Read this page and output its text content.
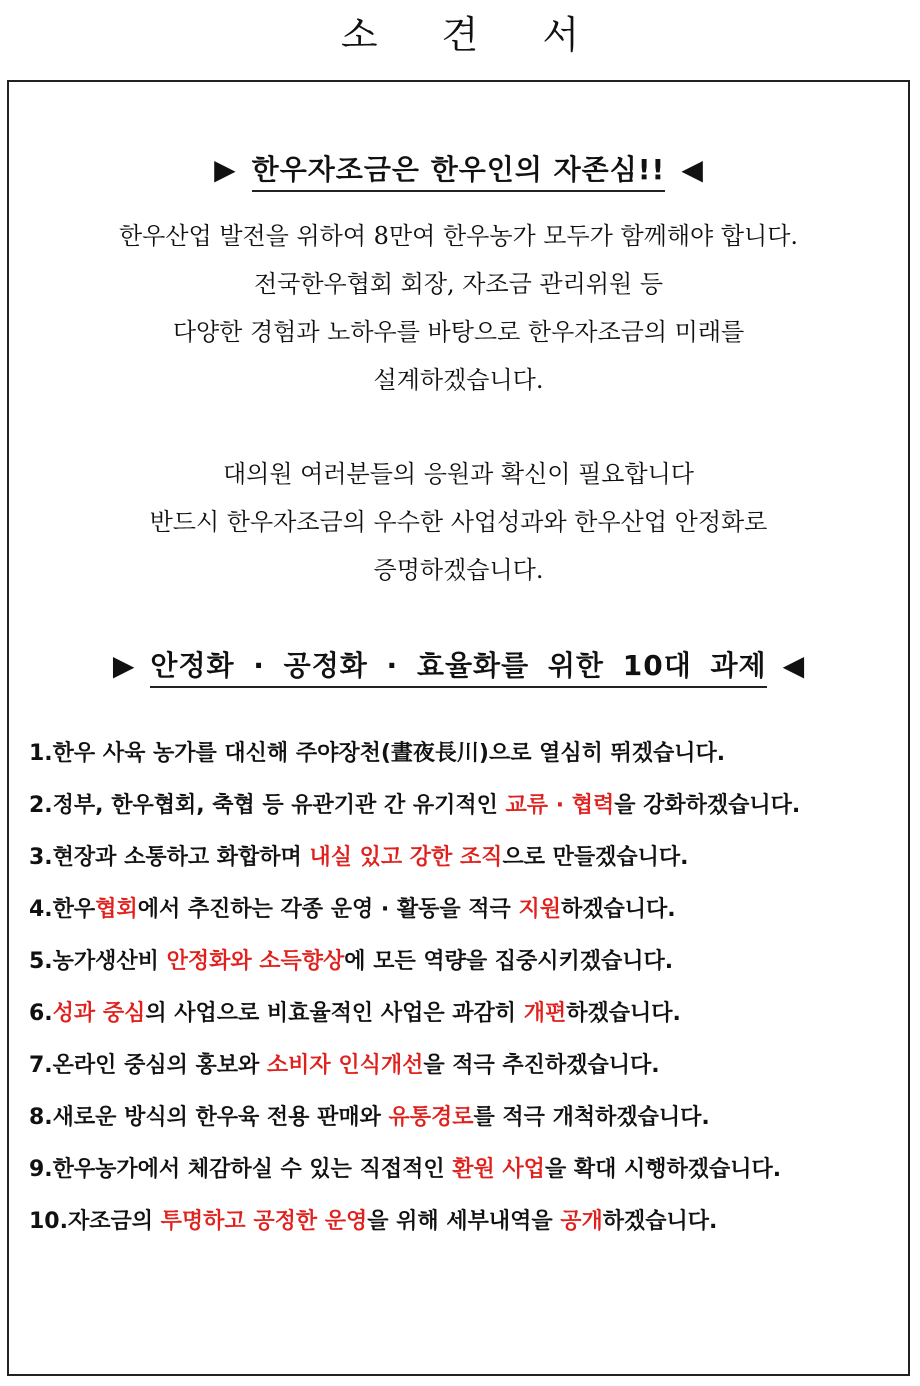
소 견 서
▶ 한우자조금은 한우인의 자존심!! ◀

한우산업 발전을 위하여 8만여 한우농가 모두가 함께해야 합니다.

전국한우협회 회장, 자조금 관리위원 등

다양한 경험과 노하우를 바탕으로 한우자조금의 미래를

설계하겠습니다.

대의원 여러분들의 응원과 확신이 필요합니다

반드시 한우자조금의 우수한 사업성과와 한우산업 안정화로

증명하겠습니다.

▶ 안정화 · 공정화 · 효율화를 위한 10대 과제 ◀
1.한우 사육 농가를 대신해 주야장천(晝夜長川)으로 열심히 뛰겠습니다.
2.정부, 한우협회, 축협 등 유관기관 간 유기적인 교류 · 협력을 강화하겠습니다.
3.현장과 소통하고 화합하며 내실 있고 강한 조직으로 만들겠습니다.
4.한우협회에서 추진하는 각종 운영 · 활동을 적극 지원하겠습니다.
5.농가생산비 안정화와 소득향상에 모든 역량을 집중시키겠습니다.
6.성과 중심의 사업으로 비효율적인 사업은 과감히 개편하겠습니다.
7.온라인 중심의 홍보와 소비자 인식개선을 적극 추진하겠습니다.
8.새로운 방식의 한우육 전용 판매와 유통경로를 적극 개척하겠습니다.
9.한우농가에서 체감하실 수 있는 직접적인 환원 사업을 확대 시행하겠습니다.
10.자조금의 투명하고 공정한 운영을 위해 세부내역을 공개하겠습니다.
